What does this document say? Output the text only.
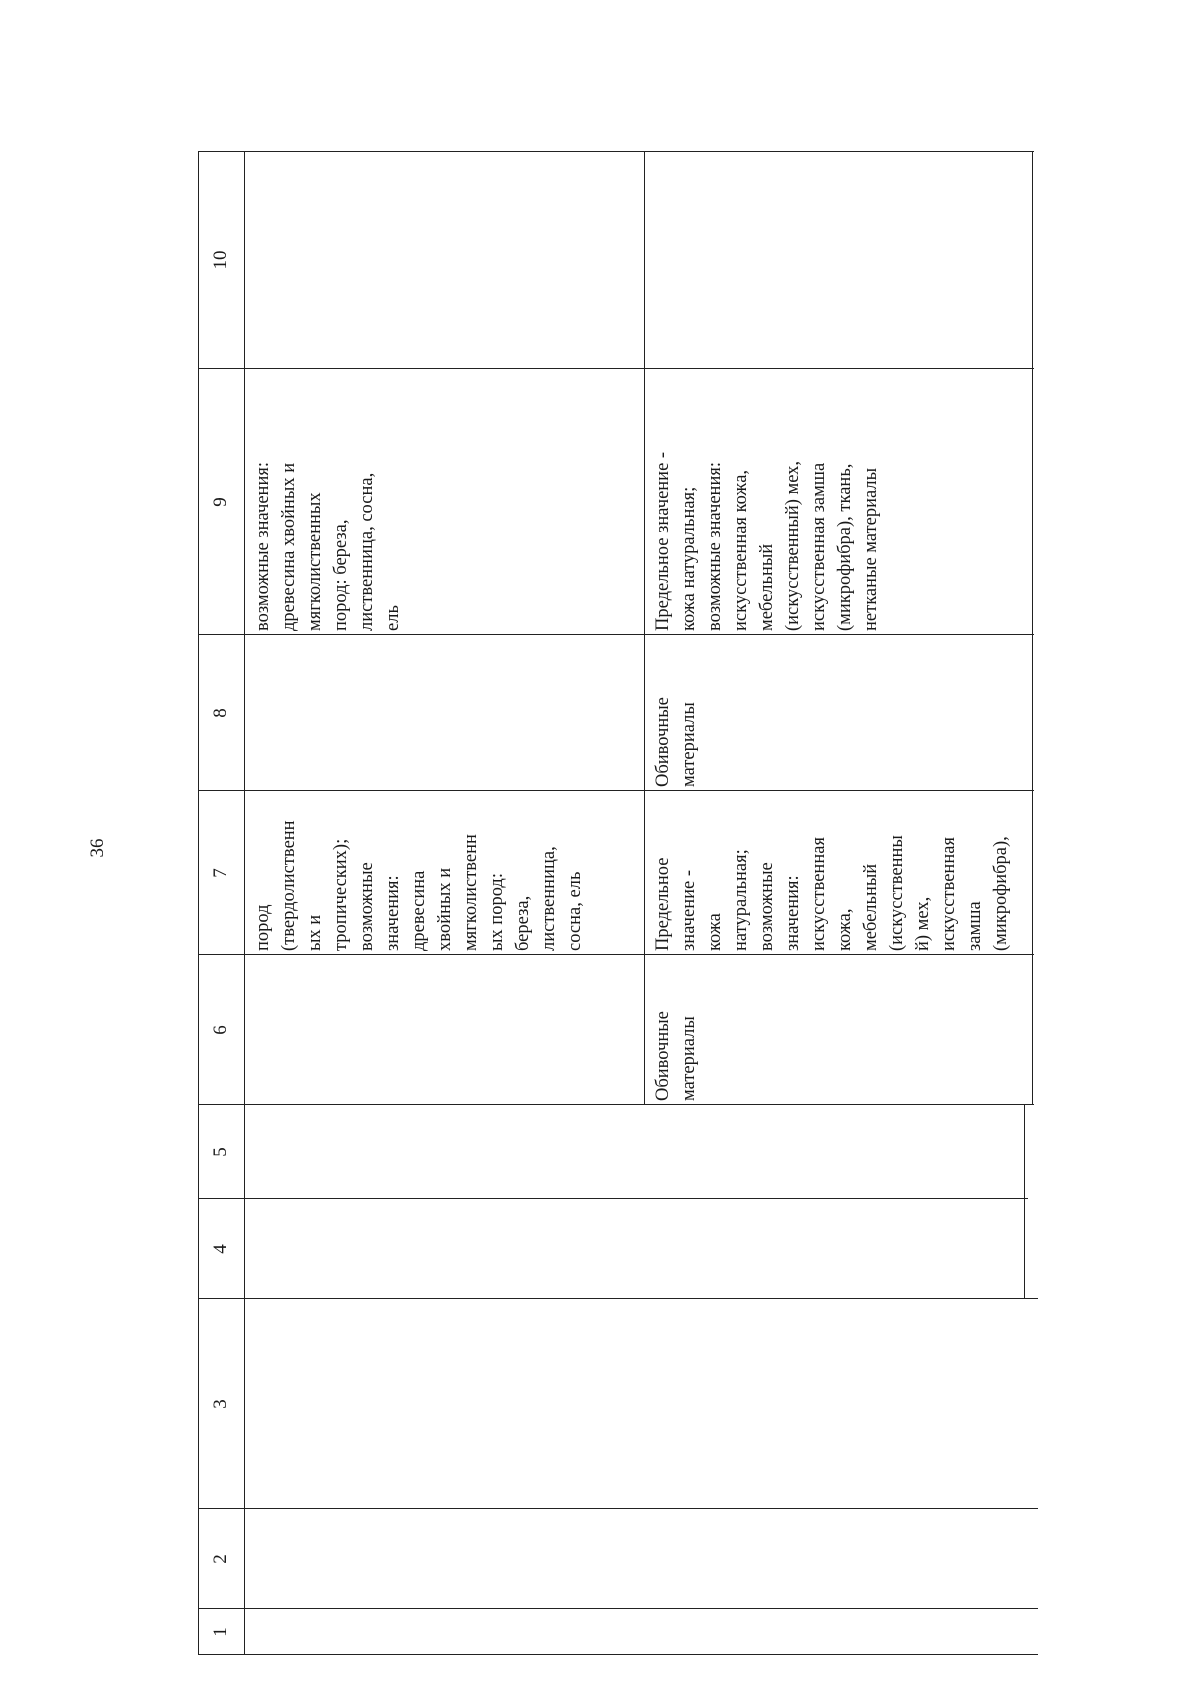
36
1
2
3
4
5
6
7
8
9
10
пород
(твердолиственн
ых и
тропических);
возможные
значения:
древесина
хвойных и
мягколиственн
ых пород:
береза,
лиственница,
сосна, ель
возможные значения:
древесина хвойных и
мягколиственных
пород: береза,
лиственница, сосна,
ель
Обивочные
материалы
Предельное
значение -
кожа
натуральная;
возможные
значения:
искусственная
кожа,
мебельный
(искусственны
й) мех,
искусственная
замша
(микрофибра),
Обивочные
материалы
Предельное значение -
кожа натуральная;
возможные значения:
искусственная кожа,
мебельный
(искусственный) мех,
искусственная замша
(микрофибра), ткань,
нетканые материалы
